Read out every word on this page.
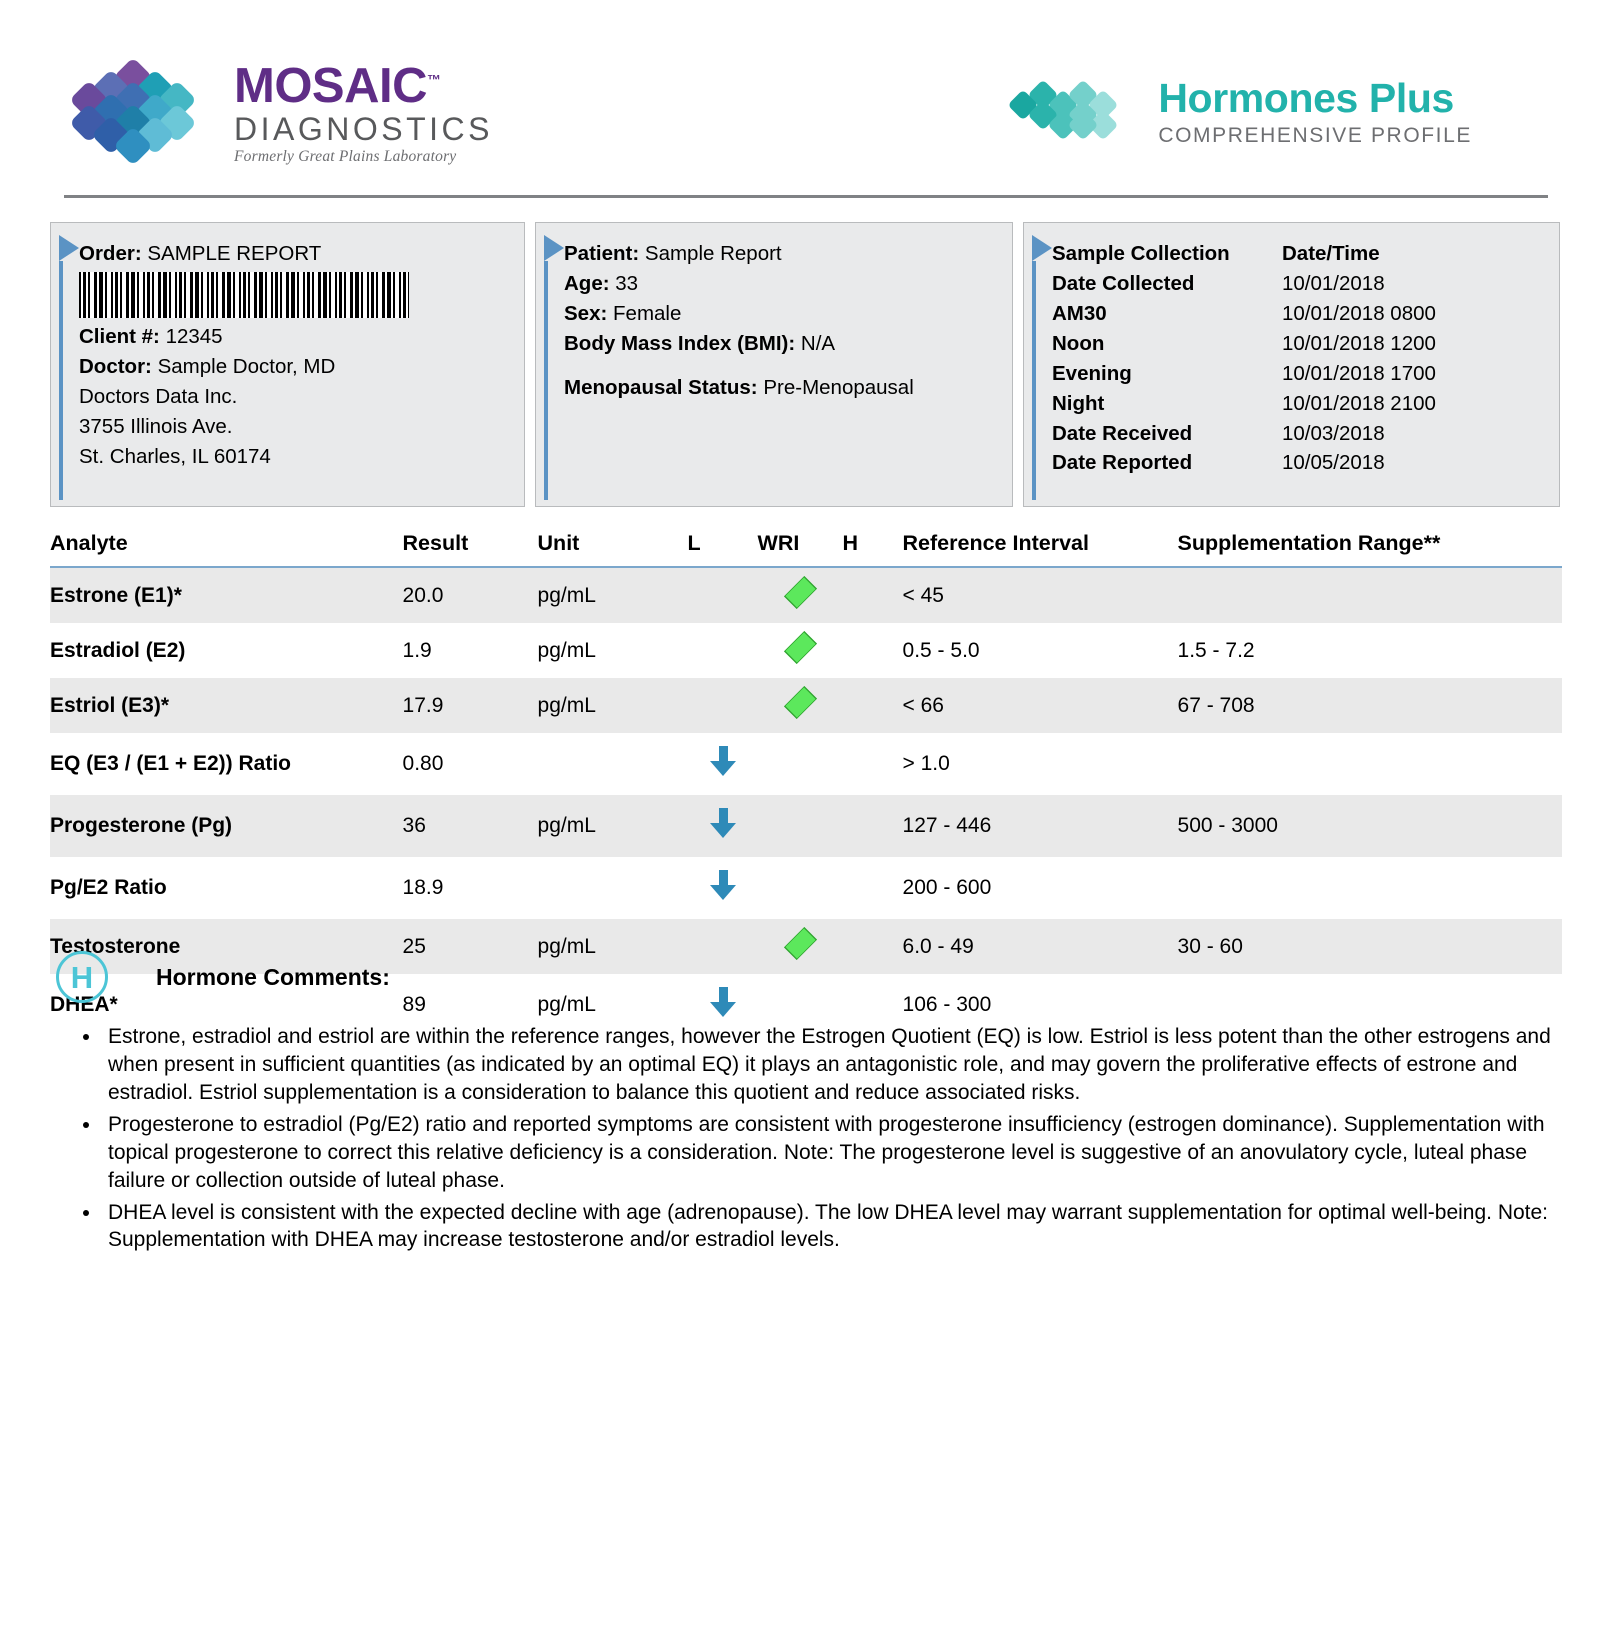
MOSAIC™
DIAGNOSTICS
Formerly Great Plains Laboratory
Hormones Plus
COMPREHENSIVE PROFILE
Order: SAMPLE REPORT
Client #: 12345
Doctor: Sample Doctor, MD
Doctors Data Inc.
3755 Illinois Ave.
St. Charles, IL 60174
Patient: Sample Report
Age: 33
Sex: Female
Body Mass Index (BMI): N/A
Menopausal Status: Pre-Menopausal
Sample Collection	Date/Time
Date Collected	10/01/2018
AM30	10/01/2018 0800
Noon	10/01/2018 1200
Evening	10/01/2018 1700
Night	10/01/2018 2100
Date Received	10/03/2018
Date Reported	10/05/2018
Analyte	Result	Unit	L	WRI	H	Reference Interval	Supplementation Range**
Estrone (E1)*	20.0	pg/mL				< 45	
Estradiol (E2)	1.9	pg/mL				0.5 - 5.0	1.5 - 7.2
Estriol (E3)*	17.9	pg/mL				< 66	67 - 708
EQ (E3 / (E1 + E2)) Ratio	0.80					> 1.0	
Progesterone (Pg)	36	pg/mL				127 - 446	500 - 3000
Pg/E2 Ratio	18.9					200 - 600	
Testosterone	25	pg/mL				6.0 - 49	30 - 60
DHEA*	89	pg/mL				106 - 300	
H	Hormone Comments:
• Estrone, estradiol and estriol are within the reference ranges, however the Estrogen Quotient (EQ) is low. Estriol is less potent than the other estrogens and when present in sufficient quantities (as indicated by an optimal EQ) it plays an antagonistic role, and may govern the proliferative effects of estrone and estradiol. Estriol supplementation is a consideration to balance this quotient and reduce associated risks.
• Progesterone to estradiol (Pg/E2) ratio and reported symptoms are consistent with progesterone insufficiency (estrogen dominance). Supplementation with topical progesterone to correct this relative deficiency is a consideration. Note: The progesterone level is suggestive of an anovulatory cycle, luteal phase failure or collection outside of luteal phase.
• DHEA level is consistent with the expected decline with age (adrenopause). The low DHEA level may warrant supplementation for optimal well-being. Note: Supplementation with DHEA may increase testosterone and/or estradiol levels.
